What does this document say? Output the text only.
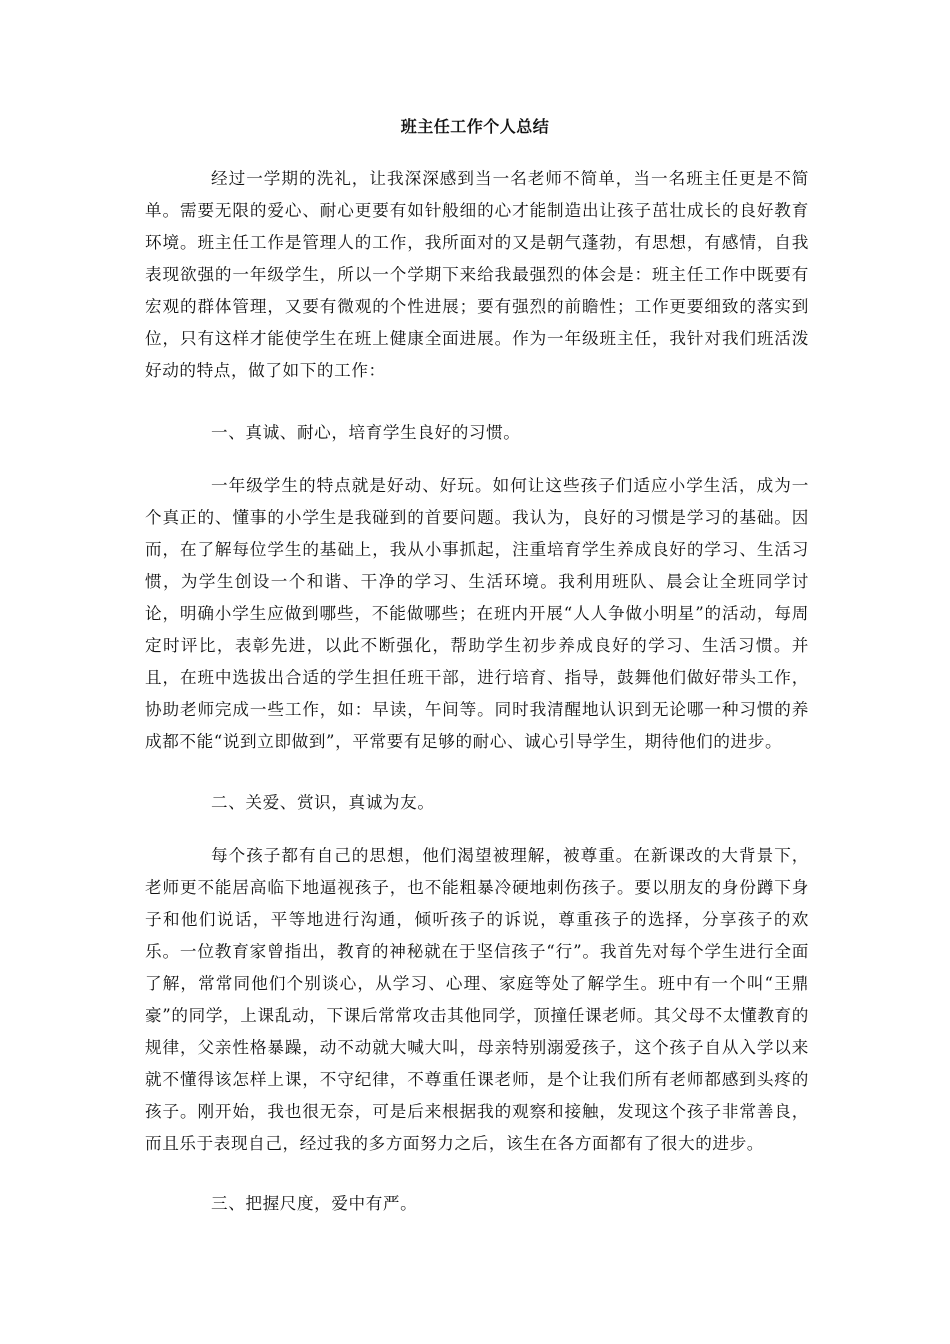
班主任工作个人总结

经过一学期的洗礼，让我深深感到当一名老师不简单，当一名班主任更是不简单。需要无限的爱心、耐心更要有如针般细的心才能制造出让孩子茁壮成长的良好教育环境。班主任工作是管理人的工作，我所面对的又是朝气蓬勃，有思想，有感情，自我表现欲强的一年级学生，所以一个学期下来给我最强烈的体会是：班主任工作中既要有宏观的群体管理，又要有微观的个性进展；要有强烈的前瞻性；工作更要细致的落实到位，只有这样才能使学生在班上健康全面进展。作为一年级班主任，我针对我们班活泼好动的特点，做了如下的工作：

一、真诚、耐心，培育学生良好的习惯。

一年级学生的特点就是好动、好玩。如何让这些孩子们适应小学生活，成为一个真正的、懂事的小学生是我碰到的首要问题。我认为，良好的习惯是学习的基础。因而，在了解每位学生的基础上，我从小事抓起，注重培育学生养成良好的学习、生活习惯，为学生创设一个和谐、干净的学习、生活环境。我利用班队、晨会让全班同学讨论，明确小学生应做到哪些，不能做哪些；在班内开展“人人争做小明星”的活动，每周定时评比，表彰先进，以此不断强化，帮助学生初步养成良好的学习、生活习惯。并且，在班中选拔出合适的学生担任班干部，进行培育、指导，鼓舞他们做好带头工作，协助老师完成一些工作，如：早读，午间等。同时我清醒地认识到无论哪一种习惯的养成都不能“说到立即做到”，平常要有足够的耐心、诚心引导学生，期待他们的进步。

二、关爱、赏识，真诚为友。

每个孩子都有自己的思想，他们渴望被理解，被尊重。在新课改的大背景下，老师更不能居高临下地逼视孩子，也不能粗暴冷硬地刺伤孩子。要以朋友的身份蹲下身子和他们说话，平等地进行沟通，倾听孩子的诉说，尊重孩子的选择，分享孩子的欢乐。一位教育家曾指出，教育的神秘就在于坚信孩子“行”。我首先对每个学生进行全面了解，常常同他们个别谈心，从学习、心理、家庭等处了解学生。班中有一个叫“王鼎豪”的同学，上课乱动，下课后常常攻击其他同学，顶撞任课老师。其父母不太懂教育的规律，父亲性格暴躁，动不动就大喊大叫，母亲特别溺爱孩子，这个孩子自从入学以来就不懂得该怎样上课，不守纪律，不尊重任课老师，是个让我们所有老师都感到头疼的孩子。刚开始，我也很无奈，可是后来根据我的观察和接触，发现这个孩子非常善良，而且乐于表现自己，经过我的多方面努力之后，该生在各方面都有了很大的进步。

三、把握尺度，爱中有严。
